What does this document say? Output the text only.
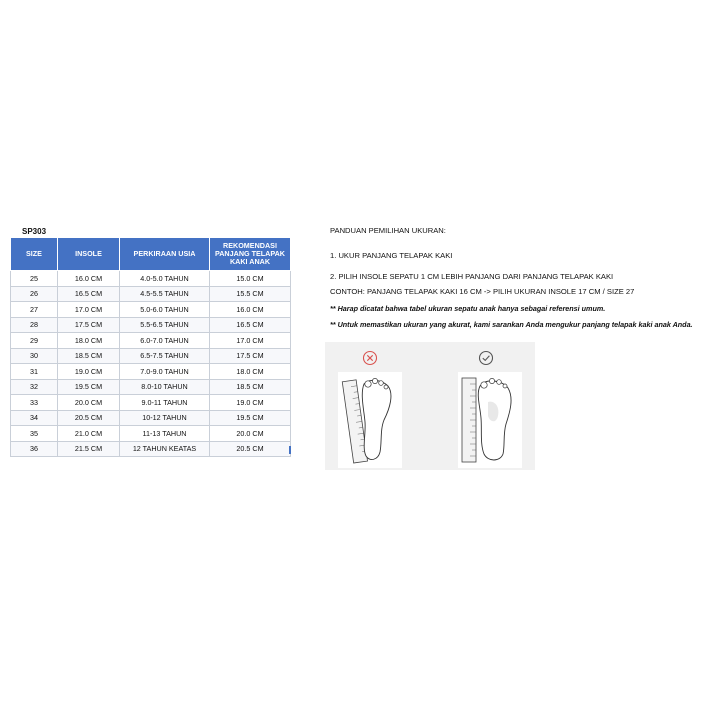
SP303
SIZE	INSOLE	PERKIRAAN USIA	REKOMENDASI PANJANG TELAPAK KAKI ANAK
25	16.0 CM	4.0-5.0 TAHUN	15.0 CM
26	16.5 CM	4.5-5.5 TAHUN	15.5 CM
27	17.0 CM	5.0-6.0 TAHUN	16.0 CM
28	17.5 CM	5.5-6.5 TAHUN	16.5 CM
29	18.0 CM	6.0-7.0 TAHUN	17.0 CM
30	18.5 CM	6.5-7.5 TAHUN	17.5 CM
31	19.0 CM	7.0-9.0 TAHUN	18.0 CM
32	19.5 CM	8.0-10 TAHUN	18.5 CM
33	20.0 CM	9.0-11 TAHUN	19.0 CM
34	20.5 CM	10-12 TAHUN	19.5 CM
35	21.0 CM	11-13 TAHUN	20.0 CM
36	21.5 CM	12 TAHUN KEATAS	20.5 CM
PANDUAN PEMILIHAN UKURAN:
1. UKUR PANJANG TELAPAK KAKI
2. PILIH INSOLE SEPATU 1 CM LEBIH PANJANG DARI PANJANG TELAPAK KAKI
CONTOH: PANJANG TELAPAK KAKI 16 CM -> PILIH UKURAN INSOLE 17 CM / SIZE 27
** Harap dicatat bahwa tabel ukuran sepatu anak hanya sebagai referensi umum.
** Untuk memastikan ukuran yang akurat, kami sarankan Anda mengukur panjang telapak kaki anak Anda.
